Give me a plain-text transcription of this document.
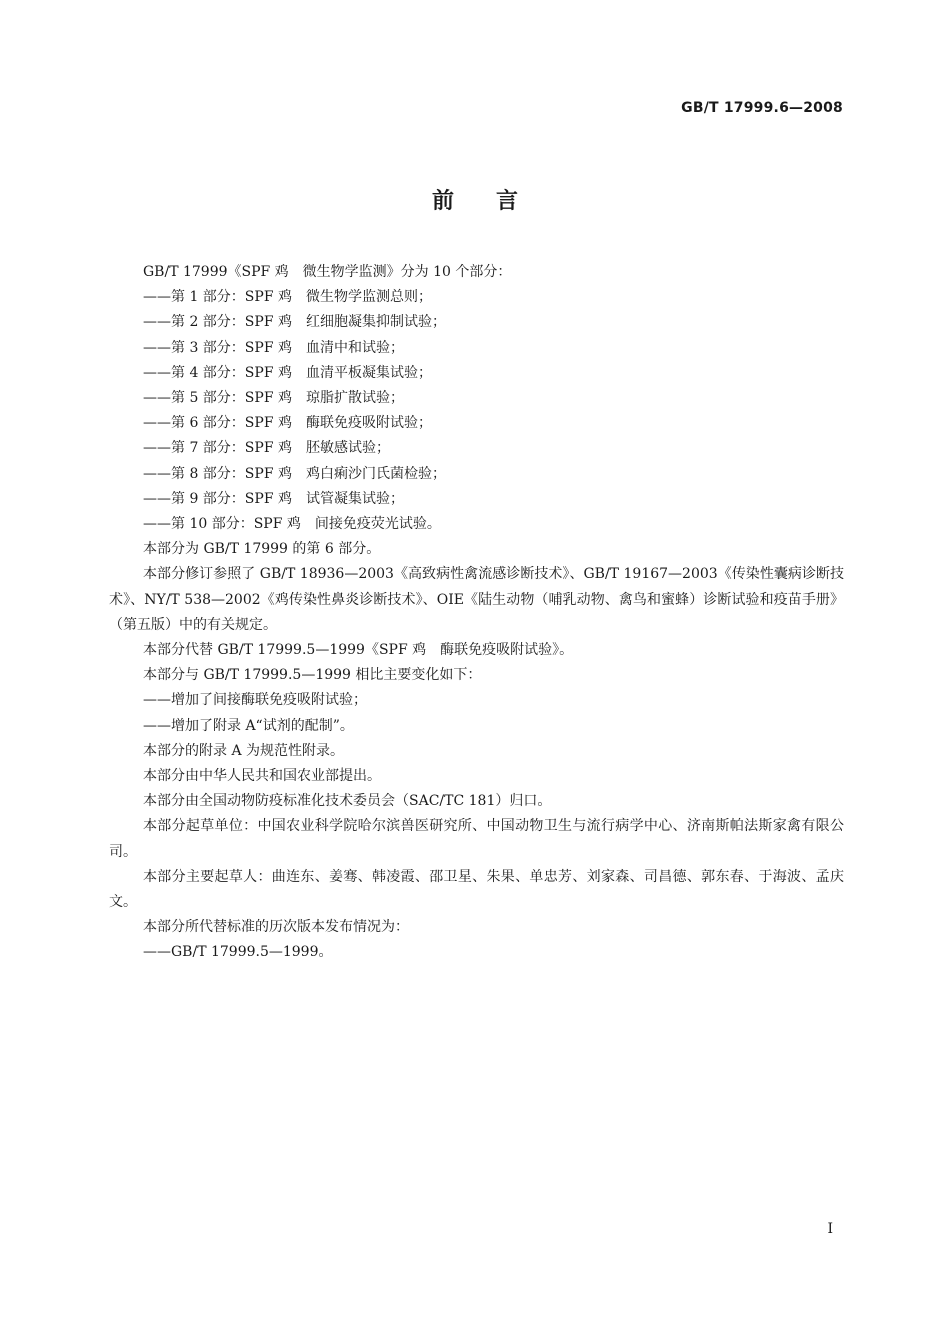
GB/T 17999.6—2008
前言

GB/T 17999《SPF 鸡　微生物学监测》分为 10 个部分：

——第 1 部分：SPF 鸡　微生物学监测总则；

——第 2 部分：SPF 鸡　红细胞凝集抑制试验；

——第 3 部分：SPF 鸡　血清中和试验；

——第 4 部分：SPF 鸡　血清平板凝集试验；

——第 5 部分：SPF 鸡　琼脂扩散试验；

——第 6 部分：SPF 鸡　酶联免疫吸附试验；

——第 7 部分：SPF 鸡　胚敏感试验；

——第 8 部分：SPF 鸡　鸡白痢沙门氏菌检验；

——第 9 部分：SPF 鸡　试管凝集试验；

——第 10 部分：SPF 鸡　间接免疫荧光试验。

本部分为 GB/T 17999 的第 6 部分。

本部分修订参照了 GB/T 18936—2003《高致病性禽流感诊断技术》、GB/T 19167—2003《传染性囊病诊断技术》、NY/T 538—2002《鸡传染性鼻炎诊断技术》、OIE《陆生动物（哺乳动物、禽鸟和蜜蜂）诊断试验和疫苗手册》（第五版）中的有关规定。

本部分代替 GB/T 17999.5—1999《SPF 鸡　酶联免疫吸附试验》。

本部分与 GB/T 17999.5—1999 相比主要变化如下：

——增加了间接酶联免疫吸附试验；

——增加了附录 A“试剂的配制”。

本部分的附录 A 为规范性附录。

本部分由中华人民共和国农业部提出。

本部分由全国动物防疫标准化技术委员会（SAC/TC 181）归口。

本部分起草单位：中国农业科学院哈尔滨兽医研究所、中国动物卫生与流行病学中心、济南斯帕法斯家禽有限公司。

本部分主要起草人：曲连东、姜骞、韩凌霞、邵卫星、朱果、单忠芳、刘家森、司昌德、郭东春、于海波、孟庆文。

本部分所代替标准的历次版本发布情况为：

——GB/T 17999.5—1999。

I
